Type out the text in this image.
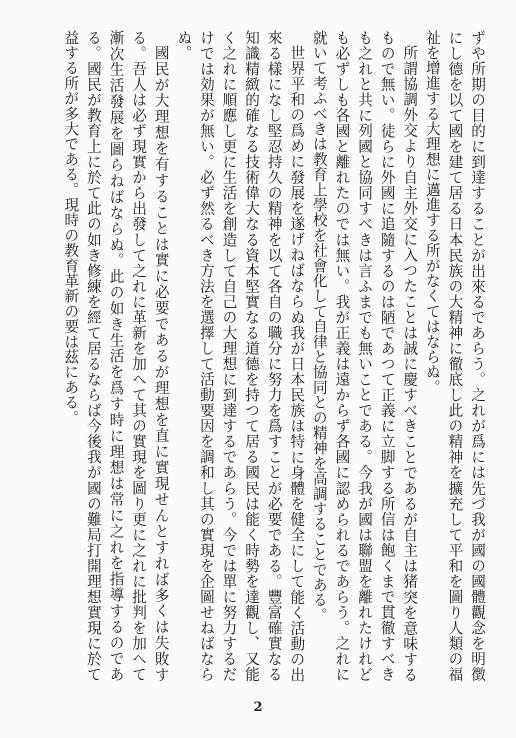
ずや所期の目的に到達することが出來るであらう。之れが爲には先づ我が國の國體觀念を明徴にし德を以て國を建て居る日本民族の大精神に徹底し此の精神を擴充して平和を圖り人類の福祉を增進する大理想に邁進する所がなくてはならぬ。

所謂協調外交より自主外交に入つたことは誠に慶すべきことであるが自主は猪突を意味するもので無い。徒らに外國に追隨するのは陋であつて正義に立脚する所信は飽くまで貫徹すべきも之れと共に列國と協同すべきは言ふまでも無いことである。今我が國は聯盟を離れたけれども必ずしも各國と離れたのでは無い。我が正義は遠からず各國に認められるであらう。之れに就いて考ふべきは教育上學校を社會化して自律と協同との精神を高調することである。

世界平和の爲めに發展を遂げねばならぬ我が日本民族は特に身體を健全にして能く活動の出來る樣になし堅忍持久の精神を以て各自の職分に努力を爲すことが必要である。豐富確實なる知識精緻的確なる技術偉大なる資本堅實なる道德を持つて居る國民は能く時勢を達觀し、又能く之れに順應し更に生活を創造して自己の大理想に到達するであらう。今では單に努力するだけでは効果が無い。必ず然るべき方法を選擇して活動要因を調和し其の實現を企圖せねばならぬ。

國民が大理想を有することは實に必要であるが理想を直に實現せんとすれば多くは失敗する。吾人は必ず現實から出發して之れに革新を加へて其の實現を圖り更に之れに批判を加へて漸次生活發展を圖らねばならぬ。此の如き生活を爲す時に理想は常に之れを指導するのである。國民が教育上に於て此の如き修練を經て居るならば今後我が國の難局打開理想實現に於て益する所が多大である。現時の教育革新の要は茲にある。

2
